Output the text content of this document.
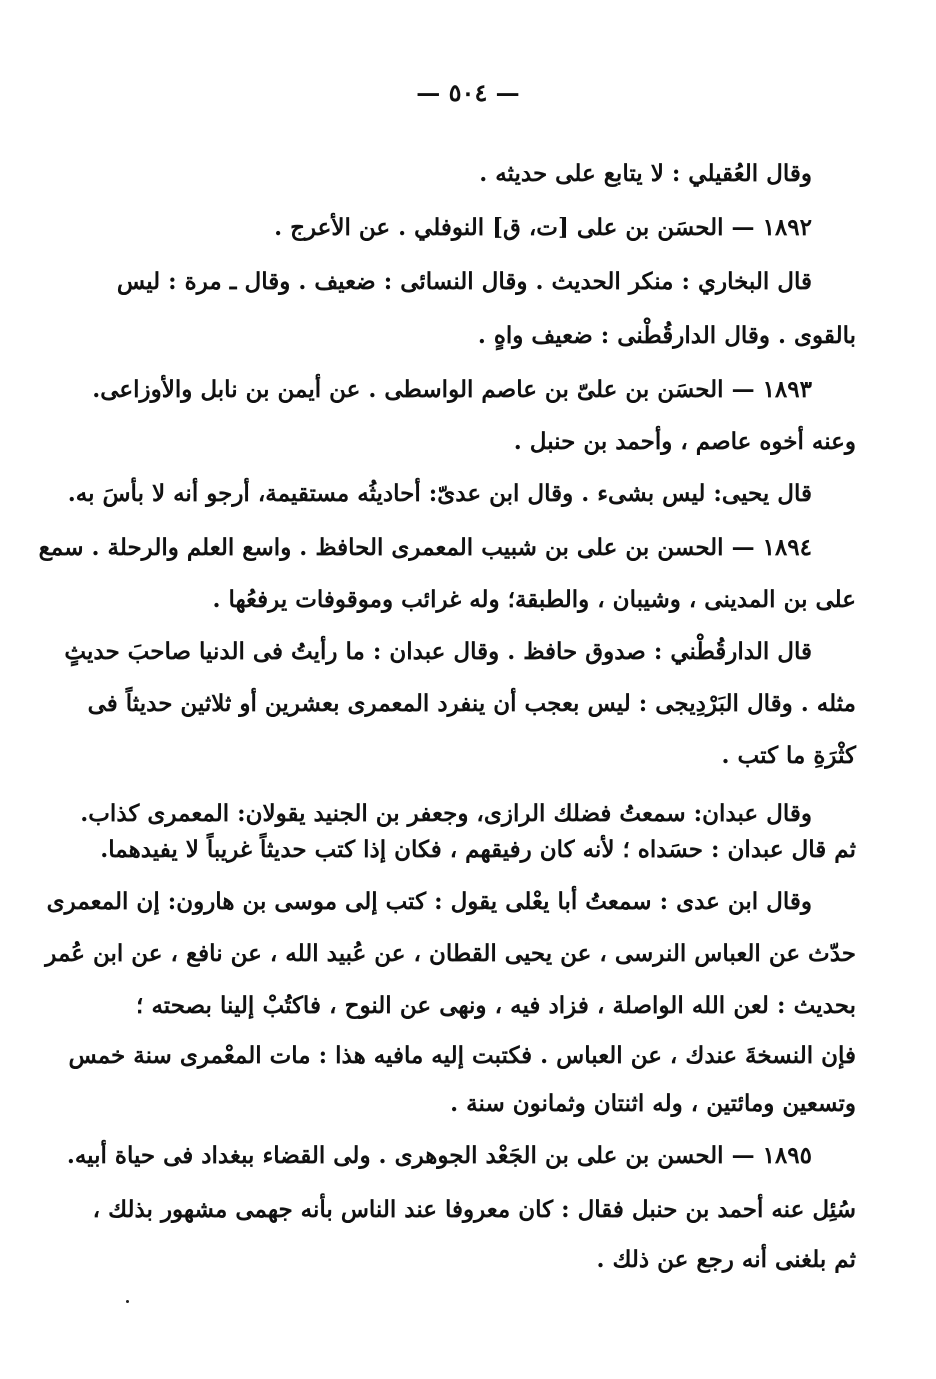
— ٥٠٤ —
وقال العُقيلي : لا يتابع على حديثه .
١٨٩٢ — الحسَن بن على [ت، ق] النوفلي . عن الأعرج .
قال البخاري : منكر الحديث . وقال النسائى : ضعيف . وقال ـ مرة : ليس
بالقوى . وقال الدارقُطْنى : ضعيف واهٍ .
١٨٩٣ — الحسَن بن علىّ بن عاصم الواسطى . عن أيمن بن نابل والأوزاعى.
وعنه أخوه عاصم ، وأحمد بن حنبل .
قال يحيى: ليس بشىء . وقال ابن عدىّ: أحاديثُه مستقيمة، أرجو أنه لا بأسَ به.
١٨٩٤ — الحسن بن على بن شبيب المعمرى الحافظ . واسع العلم والرحلة . سمع
على بن المدينى ، وشيبان ، والطبقة؛ وله غرائب وموقوفات يرفعُها .
قال الدارقُطْني : صدوق حافظ . وقال عبدان : ما رأيتُ فى الدنيا صاحبَ حديثٍ
مثله . وقال البَرْدِيجى : ليس بعجب أن ينفرد المعمرى بعشرين أو ثلاثين حديثاً فى
كثْرَةِ ما كتب .
وقال عبدان: سمعتُ فضلك الرازى، وجعفر بن الجنيد يقولان: المعمرى كذاب.
ثم قال عبدان : حسَداه ؛ لأنه كان رفيقهم ، فكان إذا كتب حديثاً غريباً لا يفيدهما.
وقال ابن عدى : سمعتُ أبا يعْلى يقول : كتب إلى موسى بن هارون: إن المعمرى
حدّث عن العباس النرسى ، عن يحيى القطان ، عن عُبيد الله ، عن نافع ، عن ابن عُمر
بحديث : لعن الله الواصلة ، فزاد فيه ، ونهى عن النوح ، فاكتُبْ إلينا بصحته ؛
فإن النسخةَ عندك ، عن العباس . فكتبت إليه مافيه هذا : مات المعْمرى سنة خمس
وتسعين ومائتين ، وله اثنتان وثمانون سنة .
١٨٩٥ — الحسن بن على بن الجَعْد الجوهرى . ولى القضاء ببغداد فى حياة أبيه.
سُئِل عنه أحمد بن حنبل فقال : كان معروفا عند الناس بأنه جهمى مشهور بذلك ،
ثم بلغنى أنه رجع عن ذلك .
